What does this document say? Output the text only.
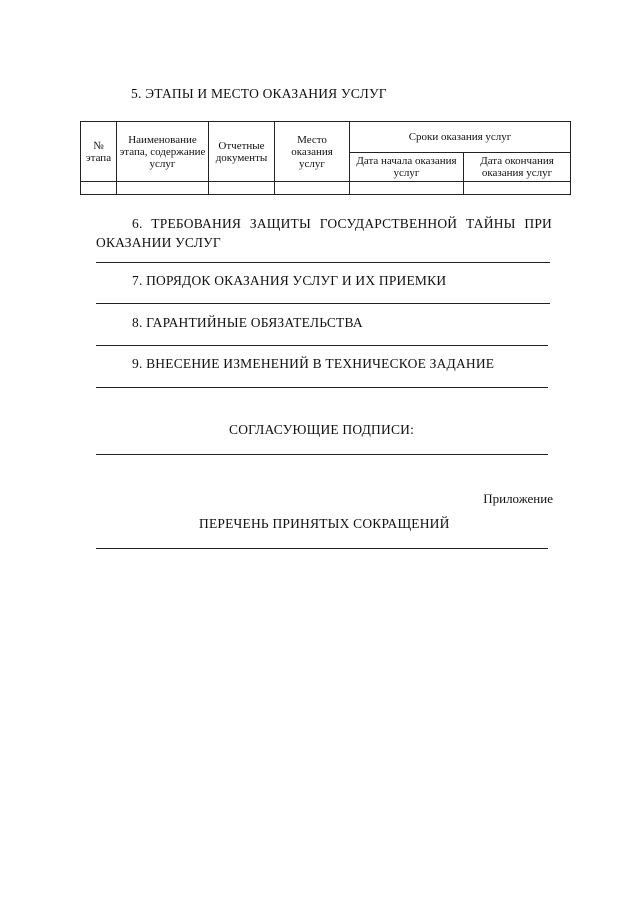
5. ЭТАПЫ И МЕСТО ОКАЗАНИЯ УСЛУГ
№ этапа	Наименование этапа, содержание услуг	Отчетные документы	Место оказания услуг	Сроки оказания услуг	
				Дата начала оказания услуг	Дата окончания оказания услуг

6. ТРЕБОВАНИЯ ЗАЩИТЫ ГОСУДАРСТВЕННОЙ ТАЙНЫ ПРИ
ОКАЗАНИИ УСЛУГ
7. ПОРЯДОК ОКАЗАНИЯ УСЛУГ И ИХ ПРИЕМКИ
8. ГАРАНТИЙНЫЕ ОБЯЗАТЕЛЬСТВА
9. ВНЕСЕНИЕ ИЗМЕНЕНИЙ В ТЕХНИЧЕСКОЕ ЗАДАНИЕ
СОГЛАСУЮЩИЕ ПОДПИСИ:
Приложение
ПЕРЕЧЕНЬ ПРИНЯТЫХ СОКРАЩЕНИЙ
